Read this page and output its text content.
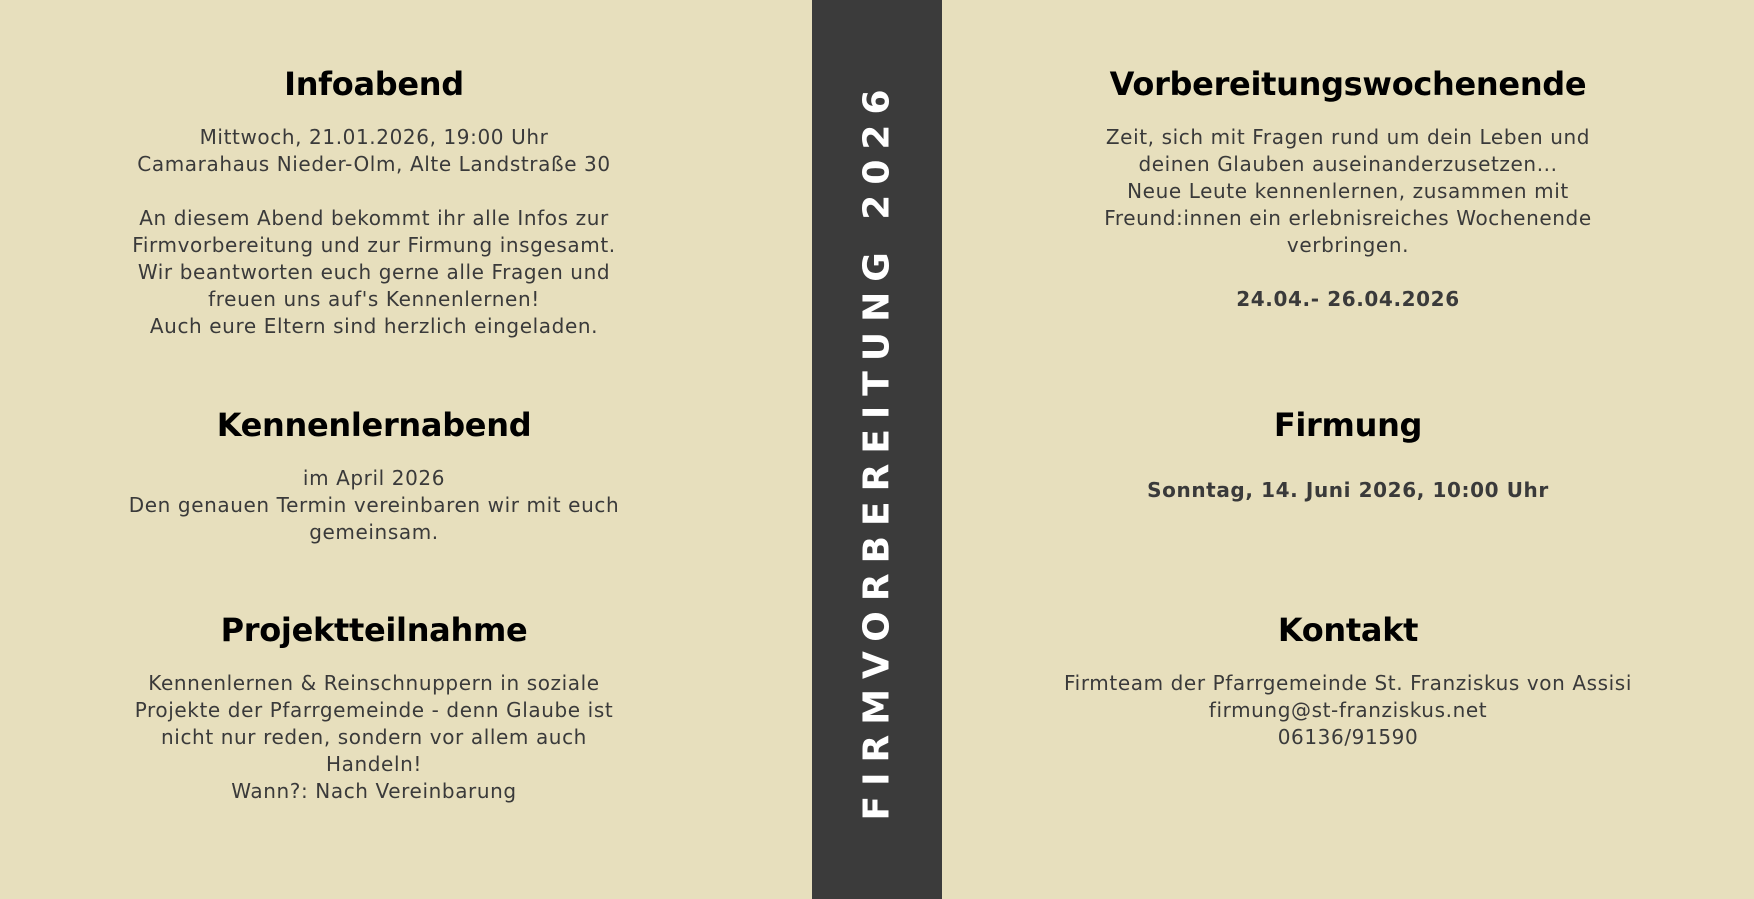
Infoabend
Mittwoch, 21.01.2026, 19:00 Uhr
Camarahaus Nieder-Olm, Alte Landstraße 30
An diesem Abend bekommt ihr alle Infos zur
Firmvorbereitung und zur Firmung insgesamt.
Wir beantworten euch gerne alle Fragen und
freuen uns auf's Kennenlernen!
Auch eure Eltern sind herzlich eingeladen.
Kennenlernabend
im April 2026
Den genauen Termin vereinbaren wir mit euch
gemeinsam.
Projektteilnahme
Kennenlernen & Reinschnuppern in soziale
Projekte der Pfarrgemeinde - denn Glaube ist
nicht nur reden, sondern vor allem auch
Handeln!
Wann?: Nach Vereinbarung	FIRMVORBEREITUNG 2026	Vorbereitungswochenende
Zeit, sich mit Fragen rund um dein Leben und
deinen Glauben auseinanderzusetzen...
Neue Leute kennenlernen, zusammen mit
Freund:innen ein erlebnisreiches Wochenende
verbringen.
24.04.- 26.04.2026
Firmung
Sonntag, 14. Juni 2026, 10:00 Uhr
Kontakt
Firmteam der Pfarrgemeinde St. Franziskus von Assisi
firmung@st-franziskus.net
06136/91590
